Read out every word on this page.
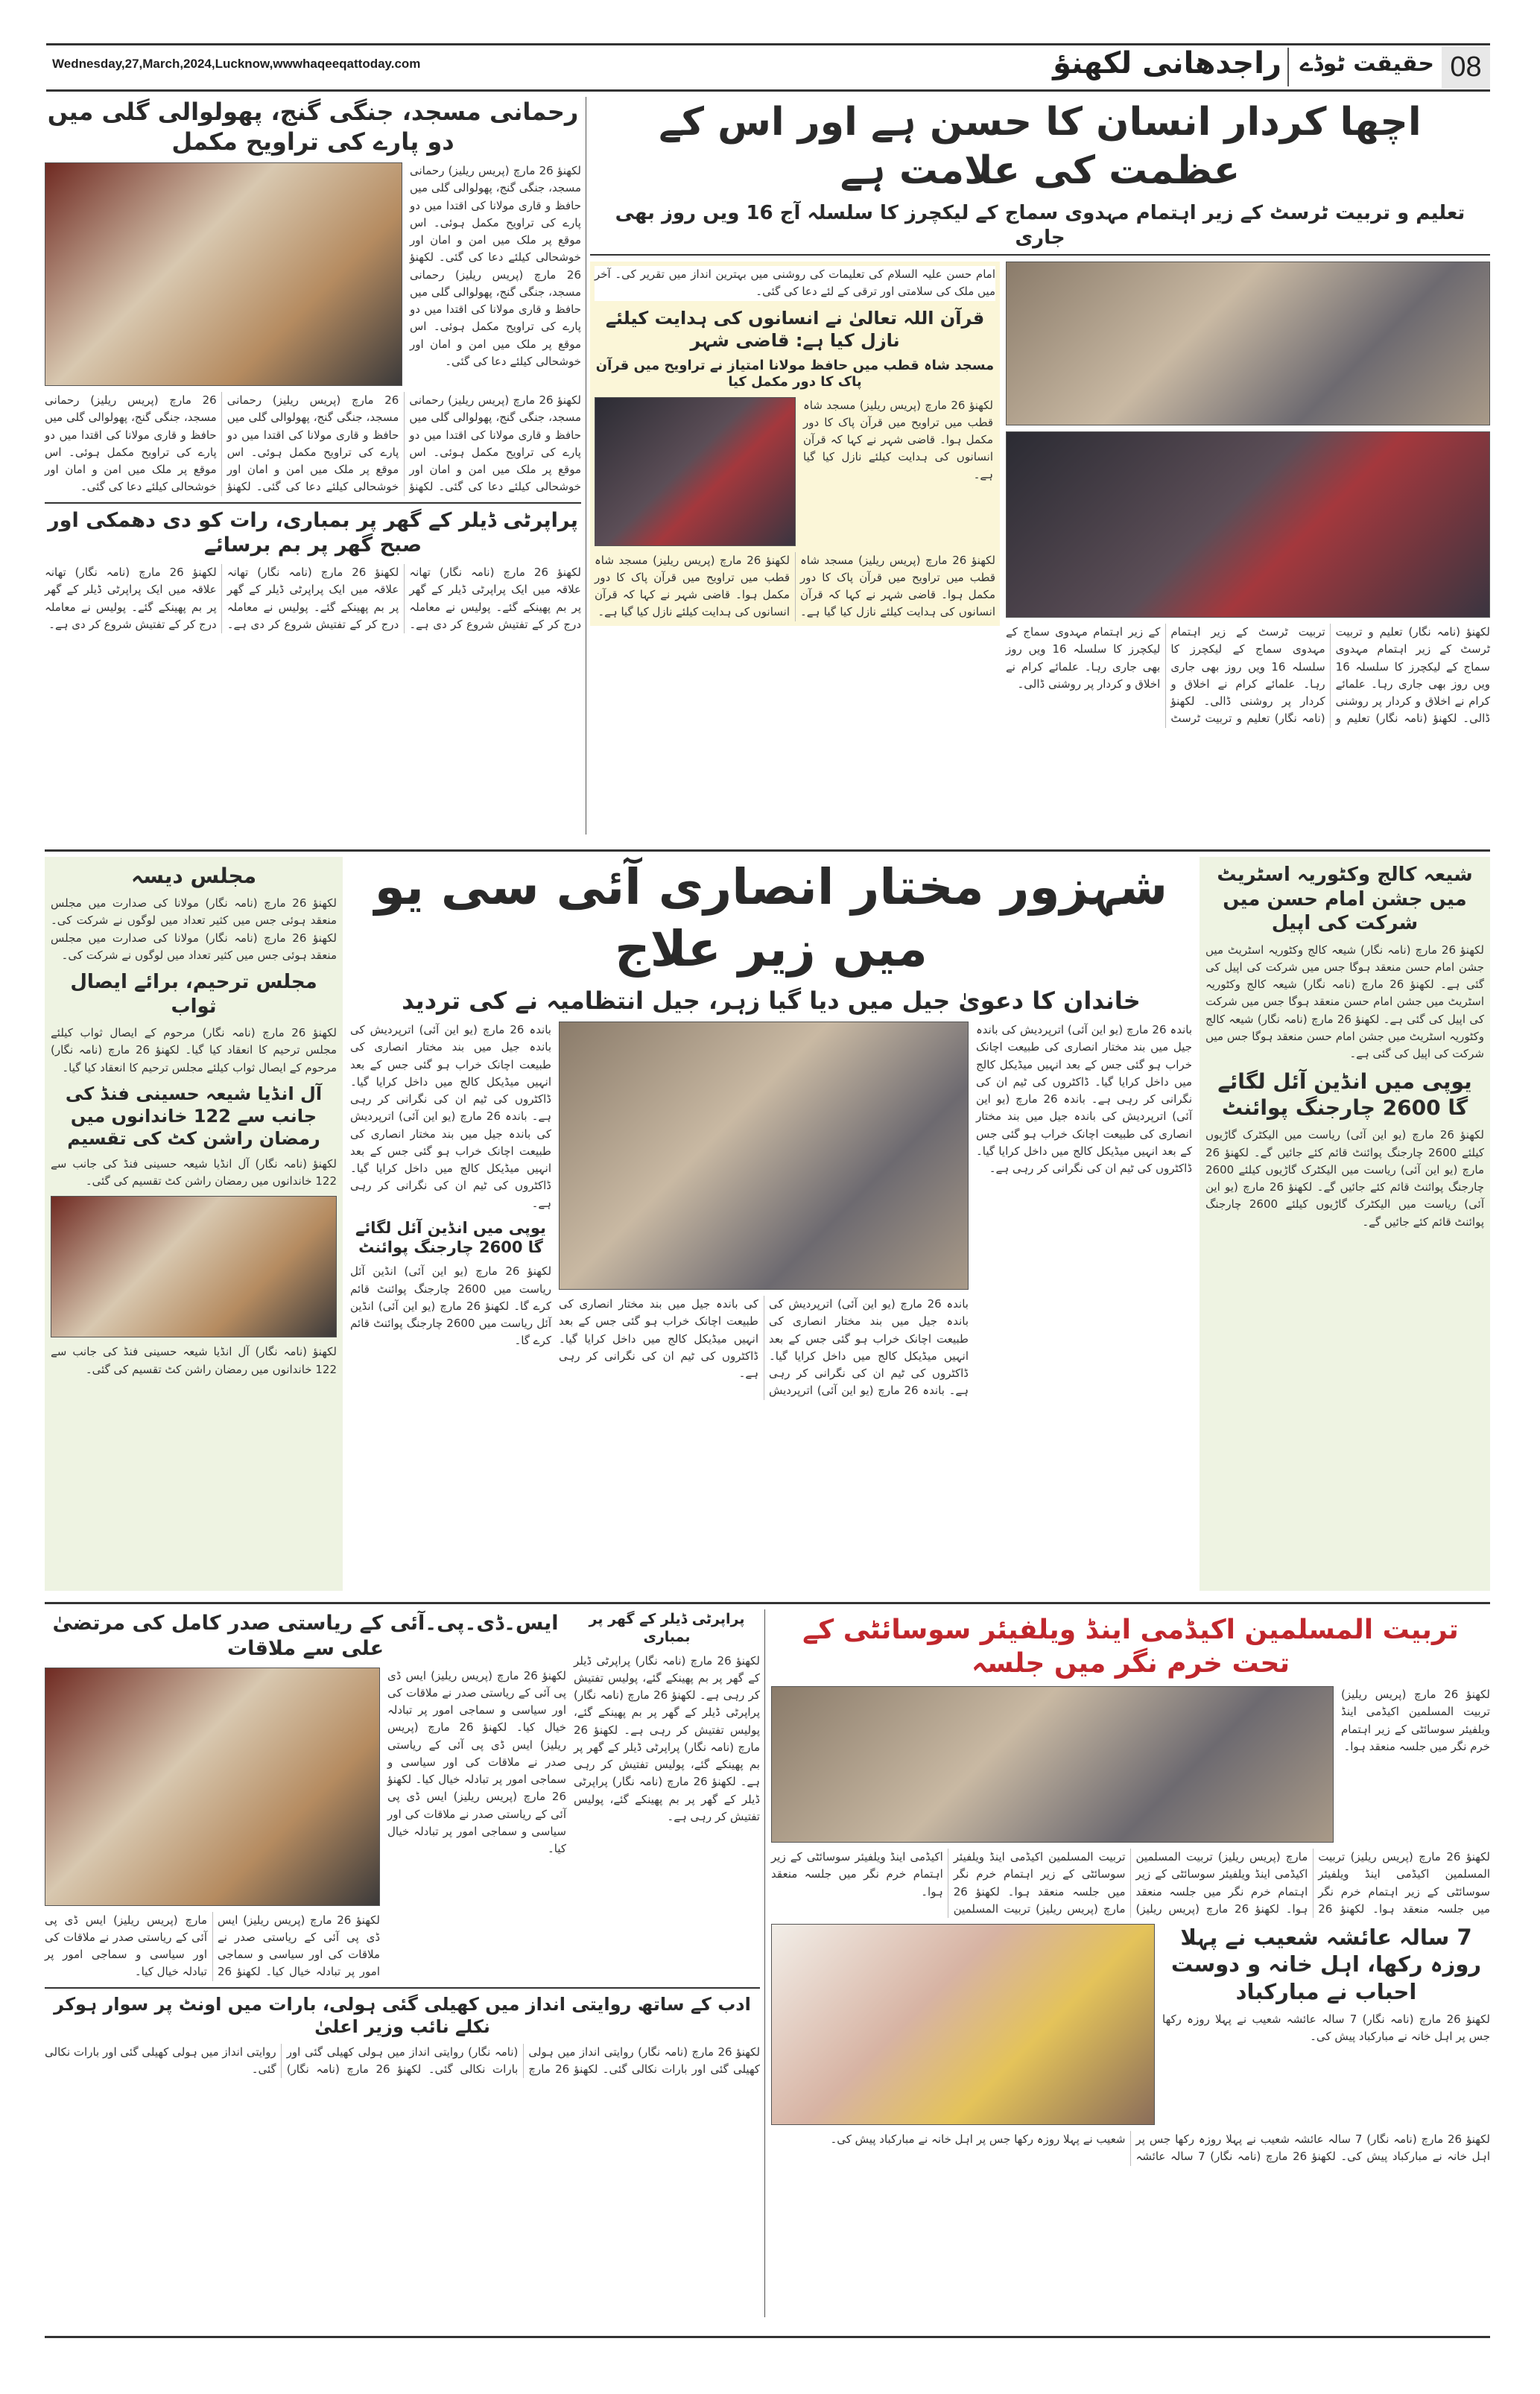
Wednesday,27,March,2024,Lucknow,wwwhaqeeqattoday.com	راجدھانی لکھنؤ حقیقت ٹوڈے 08
رحمانی مسجد، جنگی گنج، پھولوالی گلی میں دو پارے کی تراویح مکمل
لکھنؤ 26 مارچ (پریس ریلیز) رحمانی مسجد، جنگی گنج، پھولوالی گلی میں حافظ و قاری مولانا کی اقتدا میں دو پارے کی تراویح مکمل ہوئی۔ اس موقع پر ملک میں امن و امان اور خوشحالی کیلئے دعا کی گئی۔ لکھنؤ 26 مارچ (پریس ریلیز) رحمانی مسجد، جنگی گنج، پھولوالی گلی میں حافظ و قاری مولانا کی اقتدا میں دو پارے کی تراویح مکمل ہوئی۔ اس موقع پر ملک میں امن و امان اور خوشحالی کیلئے دعا کی گئی۔
لکھنؤ 26 مارچ (پریس ریلیز) رحمانی مسجد، جنگی گنج، پھولوالی گلی میں حافظ و قاری مولانا کی اقتدا میں دو پارے کی تراویح مکمل ہوئی۔ اس موقع پر ملک میں امن و امان اور خوشحالی کیلئے دعا کی گئی۔ لکھنؤ 26 مارچ (پریس ریلیز) رحمانی مسجد، جنگی گنج، پھولوالی گلی میں حافظ و قاری مولانا کی اقتدا میں دو پارے کی تراویح مکمل ہوئی۔ اس موقع پر ملک میں امن و امان اور خوشحالی کیلئے دعا کی گئی۔ لکھنؤ 26 مارچ (پریس ریلیز) رحمانی مسجد، جنگی گنج، پھولوالی گلی میں حافظ و قاری مولانا کی اقتدا میں دو پارے کی تراویح مکمل ہوئی۔ اس موقع پر ملک میں امن و امان اور خوشحالی کیلئے دعا کی گئی۔
پراپرٹی ڈیلر کے گھر پر بمباری، رات کو دی دھمکی اور صبح گھر پر بم برسائے
لکھنؤ 26 مارچ (نامہ نگار) تھانہ علاقہ میں ایک پراپرٹی ڈیلر کے گھر پر بم پھینکے گئے۔ پولیس نے معاملہ درج کر کے تفتیش شروع کر دی ہے۔ لکھنؤ 26 مارچ (نامہ نگار) تھانہ علاقہ میں ایک پراپرٹی ڈیلر کے گھر پر بم پھینکے گئے۔ پولیس نے معاملہ درج کر کے تفتیش شروع کر دی ہے۔ لکھنؤ 26 مارچ (نامہ نگار) تھانہ علاقہ میں ایک پراپرٹی ڈیلر کے گھر پر بم پھینکے گئے۔ پولیس نے معاملہ درج کر کے تفتیش شروع کر دی ہے۔
اچھا کردار انسان کا حسن ہے اور اس کے عظمت کی علامت ہے
تعلیم و تربیت ٹرسٹ کے زیر اہتمام مہدوی سماج کے لیکچرز کا سلسلہ آج 16 ویں روز بھی جاری
امام حسن علیہ السلام کی تعلیمات کی روشنی میں بہترین انداز میں تقریر کی۔ آخر میں ملک کی سلامتی اور ترقی کے لئے دعا کی گئی۔
قرآن اللہ تعالیٰ نے انسانوں کی ہدایت کیلئے نازل کیا ہے: قاضی شہر
مسجد شاہ قطب میں حافظ مولانا امتیاز نے تراویح میں قرآن پاک کا دور مکمل کیا
لکھنؤ 26 مارچ (پریس ریلیز) مسجد شاہ قطب میں تراویح میں قرآن پاک کا دور مکمل ہوا۔ قاضی شہر نے کہا کہ قرآن انسانوں کی ہدایت کیلئے نازل کیا گیا ہے۔
لکھنؤ 26 مارچ (پریس ریلیز) مسجد شاہ قطب میں تراویح میں قرآن پاک کا دور مکمل ہوا۔ قاضی شہر نے کہا کہ قرآن انسانوں کی ہدایت کیلئے نازل کیا گیا ہے۔ لکھنؤ 26 مارچ (پریس ریلیز) مسجد شاہ قطب میں تراویح میں قرآن پاک کا دور مکمل ہوا۔ قاضی شہر نے کہا کہ قرآن انسانوں کی ہدایت کیلئے نازل کیا گیا ہے۔
لکھنؤ (نامہ نگار) تعلیم و تربیت ٹرسٹ کے زیر اہتمام مہدوی سماج کے لیکچرز کا سلسلہ 16 ویں روز بھی جاری رہا۔ علمائے کرام نے اخلاق و کردار پر روشنی ڈالی۔ لکھنؤ (نامہ نگار) تعلیم و تربیت ٹرسٹ کے زیر اہتمام مہدوی سماج کے لیکچرز کا سلسلہ 16 ویں روز بھی جاری رہا۔ علمائے کرام نے اخلاق و کردار پر روشنی ڈالی۔ لکھنؤ (نامہ نگار) تعلیم و تربیت ٹرسٹ کے زیر اہتمام مہدوی سماج کے لیکچرز کا سلسلہ 16 ویں روز بھی جاری رہا۔ علمائے کرام نے اخلاق و کردار پر روشنی ڈالی۔
مجلس دیسہ
لکھنؤ 26 مارچ (نامہ نگار) مولانا کی صدارت میں مجلس منعقد ہوئی جس میں کثیر تعداد میں لوگوں نے شرکت کی۔ لکھنؤ 26 مارچ (نامہ نگار) مولانا کی صدارت میں مجلس منعقد ہوئی جس میں کثیر تعداد میں لوگوں نے شرکت کی۔
مجلس ترحیم، برائے ایصال ثواب
لکھنؤ 26 مارچ (نامہ نگار) مرحوم کے ایصال ثواب کیلئے مجلس ترحیم کا انعقاد کیا گیا۔ لکھنؤ 26 مارچ (نامہ نگار) مرحوم کے ایصال ثواب کیلئے مجلس ترحیم کا انعقاد کیا گیا۔
آل انڈیا شیعہ حسینی فنڈ کی جانب سے 122 خاندانوں میں رمضان راشن کٹ کی تقسیم
لکھنؤ (نامہ نگار) آل انڈیا شیعہ حسینی فنڈ کی جانب سے 122 خاندانوں میں رمضان راشن کٹ تقسیم کی گئی۔
لکھنؤ (نامہ نگار) آل انڈیا شیعہ حسینی فنڈ کی جانب سے 122 خاندانوں میں رمضان راشن کٹ تقسیم کی گئی۔
شہزور مختار انصاری آئی سی یو میں زیر علاج
خاندان کا دعویٰ جیل میں دیا گیا زہر، جیل انتظامیہ نے کی تردید
باندہ 26 مارچ (یو این آئی) اترپردیش کی باندہ جیل میں بند مختار انصاری کی طبیعت اچانک خراب ہو گئی جس کے بعد انہیں میڈیکل کالج میں داخل کرایا گیا۔ ڈاکٹروں کی ٹیم ان کی نگرانی کر رہی ہے۔ باندہ 26 مارچ (یو این آئی) اترپردیش کی باندہ جیل میں بند مختار انصاری کی طبیعت اچانک خراب ہو گئی جس کے بعد انہیں میڈیکل کالج میں داخل کرایا گیا۔ ڈاکٹروں کی ٹیم ان کی نگرانی کر رہی ہے۔
یوپی میں انڈین آئل لگائے گا 2600 چارجنگ پوائنٹ
لکھنؤ 26 مارچ (یو این آئی) انڈین آئل ریاست میں 2600 چارجنگ پوائنٹ قائم کرے گا۔ لکھنؤ 26 مارچ (یو این آئی) انڈین آئل ریاست میں 2600 چارجنگ پوائنٹ قائم کرے گا۔
باندہ 26 مارچ (یو این آئی) اترپردیش کی باندہ جیل میں بند مختار انصاری کی طبیعت اچانک خراب ہو گئی جس کے بعد انہیں میڈیکل کالج میں داخل کرایا گیا۔ ڈاکٹروں کی ٹیم ان کی نگرانی کر رہی ہے۔ باندہ 26 مارچ (یو این آئی) اترپردیش کی باندہ جیل میں بند مختار انصاری کی طبیعت اچانک خراب ہو گئی جس کے بعد انہیں میڈیکل کالج میں داخل کرایا گیا۔ ڈاکٹروں کی ٹیم ان کی نگرانی کر رہی ہے۔
باندہ 26 مارچ (یو این آئی) اترپردیش کی باندہ جیل میں بند مختار انصاری کی طبیعت اچانک خراب ہو گئی جس کے بعد انہیں میڈیکل کالج میں داخل کرایا گیا۔ ڈاکٹروں کی ٹیم ان کی نگرانی کر رہی ہے۔ باندہ 26 مارچ (یو این آئی) اترپردیش کی باندہ جیل میں بند مختار انصاری کی طبیعت اچانک خراب ہو گئی جس کے بعد انہیں میڈیکل کالج میں داخل کرایا گیا۔ ڈاکٹروں کی ٹیم ان کی نگرانی کر رہی ہے۔
شیعہ کالج وکٹوریہ اسٹریٹ میں جشن امام حسن میں شرکت کی اپیل
لکھنؤ 26 مارچ (نامہ نگار) شیعہ کالج وکٹوریہ اسٹریٹ میں جشن امام حسن منعقد ہوگا جس میں شرکت کی اپیل کی گئی ہے۔ لکھنؤ 26 مارچ (نامہ نگار) شیعہ کالج وکٹوریہ اسٹریٹ میں جشن امام حسن منعقد ہوگا جس میں شرکت کی اپیل کی گئی ہے۔ لکھنؤ 26 مارچ (نامہ نگار) شیعہ کالج وکٹوریہ اسٹریٹ میں جشن امام حسن منعقد ہوگا جس میں شرکت کی اپیل کی گئی ہے۔
یوپی میں انڈین آئل لگائے گا 2600 چارجنگ پوائنٹ
لکھنؤ 26 مارچ (یو این آئی) ریاست میں الیکٹرک گاڑیوں کیلئے 2600 چارجنگ پوائنٹ قائم کئے جائیں گے۔ لکھنؤ 26 مارچ (یو این آئی) ریاست میں الیکٹرک گاڑیوں کیلئے 2600 چارجنگ پوائنٹ قائم کئے جائیں گے۔ لکھنؤ 26 مارچ (یو این آئی) ریاست میں الیکٹرک گاڑیوں کیلئے 2600 چارجنگ پوائنٹ قائم کئے جائیں گے۔
ایس۔ڈی۔پی۔آئی کے ریاستی صدر کامل کی مرتضیٰ علی سے ملاقات
لکھنؤ 26 مارچ (پریس ریلیز) ایس ڈی پی آئی کے ریاستی صدر نے ملاقات کی اور سیاسی و سماجی امور پر تبادلہ خیال کیا۔ لکھنؤ 26 مارچ (پریس ریلیز) ایس ڈی پی آئی کے ریاستی صدر نے ملاقات کی اور سیاسی و سماجی امور پر تبادلہ خیال کیا۔
لکھنؤ 26 مارچ (پریس ریلیز) ایس ڈی پی آئی کے ریاستی صدر نے ملاقات کی اور سیاسی و سماجی امور پر تبادلہ خیال کیا۔ لکھنؤ 26 مارچ (پریس ریلیز) ایس ڈی پی آئی کے ریاستی صدر نے ملاقات کی اور سیاسی و سماجی امور پر تبادلہ خیال کیا۔ لکھنؤ 26 مارچ (پریس ریلیز) ایس ڈی پی آئی کے ریاستی صدر نے ملاقات کی اور سیاسی و سماجی امور پر تبادلہ خیال کیا۔
پراپرٹی ڈیلر کے گھر پر بمباری
لکھنؤ 26 مارچ (نامہ نگار) پراپرٹی ڈیلر کے گھر پر بم پھینکے گئے، پولیس تفتیش کر رہی ہے۔ لکھنؤ 26 مارچ (نامہ نگار) پراپرٹی ڈیلر کے گھر پر بم پھینکے گئے، پولیس تفتیش کر رہی ہے۔ لکھنؤ 26 مارچ (نامہ نگار) پراپرٹی ڈیلر کے گھر پر بم پھینکے گئے، پولیس تفتیش کر رہی ہے۔ لکھنؤ 26 مارچ (نامہ نگار) پراپرٹی ڈیلر کے گھر پر بم پھینکے گئے، پولیس تفتیش کر رہی ہے۔
ادب کے ساتھ روایتی انداز میں کھیلی گئی ہولی، بارات میں اونٹ پر سوار ہوکر نکلے نائب وزیر اعلیٰ
لکھنؤ 26 مارچ (نامہ نگار) روایتی انداز میں ہولی کھیلی گئی اور بارات نکالی گئی۔ لکھنؤ 26 مارچ (نامہ نگار) روایتی انداز میں ہولی کھیلی گئی اور بارات نکالی گئی۔ لکھنؤ 26 مارچ (نامہ نگار) روایتی انداز میں ہولی کھیلی گئی اور بارات نکالی گئی۔
تربیت المسلمین اکیڈمی اینڈ ویلفیئر سوسائٹی کے تحت خرم نگر میں جلسہ
لکھنؤ 26 مارچ (پریس ریلیز) تربیت المسلمین اکیڈمی اینڈ ویلفیئر سوسائٹی کے زیر اہتمام خرم نگر میں جلسہ منعقد ہوا۔
لکھنؤ 26 مارچ (پریس ریلیز) تربیت المسلمین اکیڈمی اینڈ ویلفیئر سوسائٹی کے زیر اہتمام خرم نگر میں جلسہ منعقد ہوا۔ لکھنؤ 26 مارچ (پریس ریلیز) تربیت المسلمین اکیڈمی اینڈ ویلفیئر سوسائٹی کے زیر اہتمام خرم نگر میں جلسہ منعقد ہوا۔ لکھنؤ 26 مارچ (پریس ریلیز) تربیت المسلمین اکیڈمی اینڈ ویلفیئر سوسائٹی کے زیر اہتمام خرم نگر میں جلسہ منعقد ہوا۔ لکھنؤ 26 مارچ (پریس ریلیز) تربیت المسلمین اکیڈمی اینڈ ویلفیئر سوسائٹی کے زیر اہتمام خرم نگر میں جلسہ منعقد ہوا۔
7 سالہ عائشہ شعیب نے پہلا روزہ رکھا، اہل خانہ و دوست احباب نے مبارکباد
لکھنؤ 26 مارچ (نامہ نگار) 7 سالہ عائشہ شعیب نے پہلا روزہ رکھا جس پر اہل خانہ نے مبارکباد پیش کی۔
لکھنؤ 26 مارچ (نامہ نگار) 7 سالہ عائشہ شعیب نے پہلا روزہ رکھا جس پر اہل خانہ نے مبارکباد پیش کی۔ لکھنؤ 26 مارچ (نامہ نگار) 7 سالہ عائشہ شعیب نے پہلا روزہ رکھا جس پر اہل خانہ نے مبارکباد پیش کی۔
